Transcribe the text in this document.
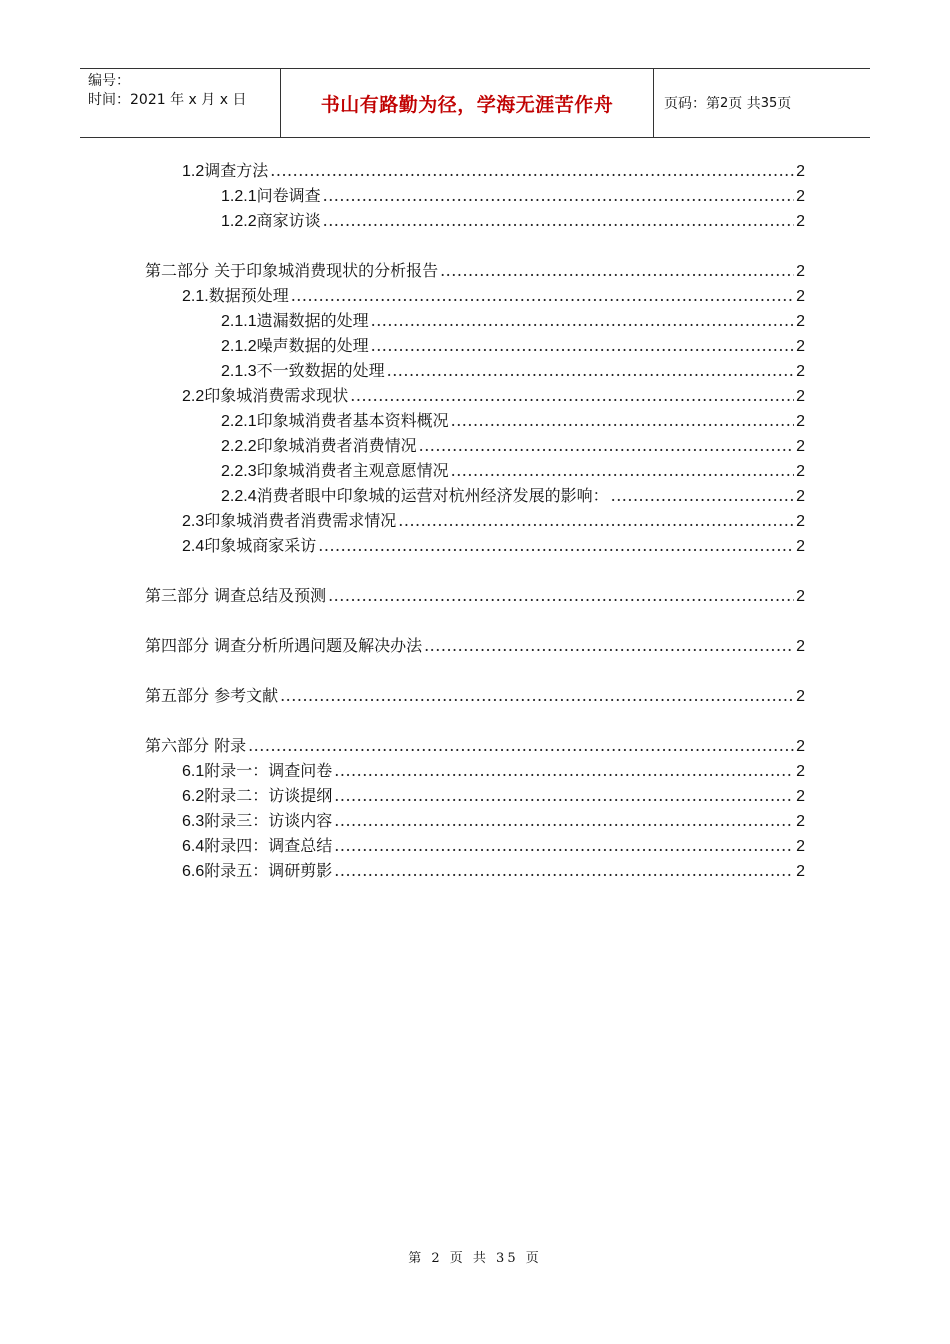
编号：
时间：2021 年 x 月 x 日	书山有路勤为径，学海无涯苦作舟	页码：第 2 页 共 35 页
1.2 调查方法 .....	2
1.2.1 问卷调查 .....	2
1.2.2 商家访谈 .....	2
第二部分 关于印象城消费现状的分析报告 .....	2
2.1. 数据预处理 .....	2
2.1.1 遗漏数据的处理 .....	2
2.1.2 噪声数据的处理 .....	2
2.1.3 不一致数据的处理 .....	2
2.2 印象城消费需求现状 .....	2
2.2.1 印象城消费者基本资料概况 .....	2
2.2.2 印象城消费者消费情况 .....	2
2.2.3 印象城消费者主观意愿情况 .....	2
2.2.4 消费者眼中印象城的运营对杭州经济发展的影响： .....	2
2.3 印象城消费者消费需求情况 .....	2
2.4 印象城商家采访 .....	2
第三部分 调查总结及预测 .....	2
第四部分 调查分析所遇问题及解决办法 .....	2
第五部分 参考文献 .....	2
第六部分 附录 .....	2
6.1 附录一：调查问卷 .....	2
6.2 附录二：访谈提纲 .....	2
6.3 附录三：访谈内容 .....	2
6.4 附录四：调查总结 .....	2
6.6 附录五：调研剪影 .....	2
第 2 页 共 35 页
